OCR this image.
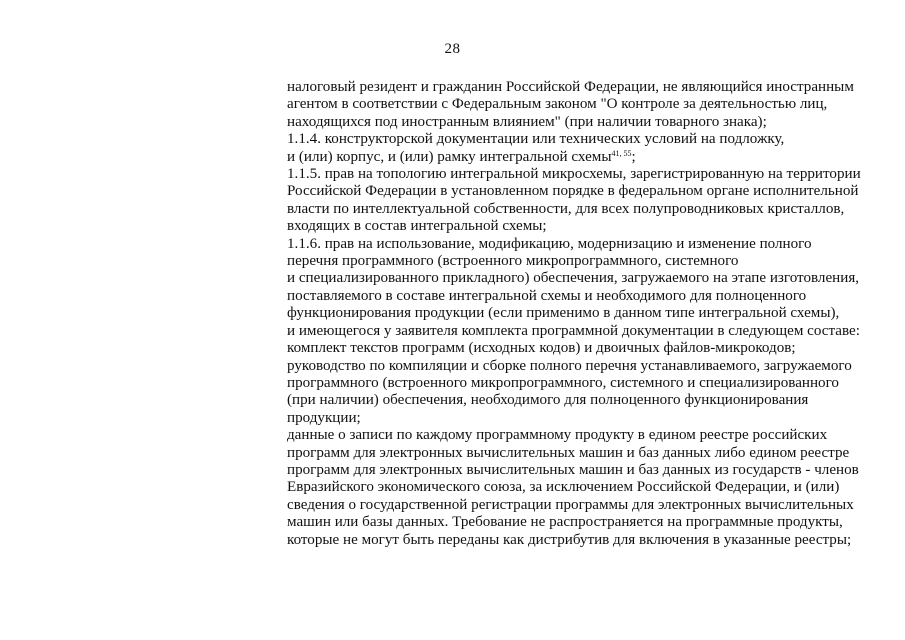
28
налоговый резидент и гражданин Российской Федерации, не являющийся иностранным
агентом в соответствии с Федеральным законом "О контроле за деятельностью лиц,
находящихся под иностранным влиянием" (при наличии товарного знака);
1.1.4. конструкторской документации или технических условий на подложку,
и (или) корпус, и (или) рамку интегральной схемы$^{41, 55}$;
1.1.5. прав на топологию интегральной микросхемы, зарегистрированную на территории
Российской Федерации в установленном порядке в федеральном органе исполнительной
власти по интеллектуальной собственности, для всех полупроводниковых кристаллов,
входящих в состав интегральной схемы;
1.1.6. прав на использование, модификацию, модернизацию и изменение полного
перечня программного (встроенного микропрограммного, системного
и специализированного прикладного) обеспечения, загружаемого на этапе изготовления,
поставляемого в составе интегральной схемы и необходимого для полноценного
функционирования продукции (если применимо в данном типе интегральной схемы),
и имеющегося у заявителя комплекта программной документации в следующем составе:
комплект текстов программ (исходных кодов) и двоичных файлов-микрокодов;
руководство по компиляции и сборке полного перечня устанавливаемого, загружаемого
программного (встроенного микропрограммного, системного и специализированного
(при наличии) обеспечения, необходимого для полноценного функционирования
продукции;
данные о записи по каждому программному продукту в едином реестре российских
программ для электронных вычислительных машин и баз данных либо едином реестре
программ для электронных вычислительных машин и баз данных из государств - членов
Евразийского экономического союза, за исключением Российской Федерации, и (или)
сведения о государственной регистрации программы для электронных вычислительных
машин или базы данных. Требование не распространяется на программные продукты,
которые не могут быть переданы как дистрибутив для включения в указанные реестры;
